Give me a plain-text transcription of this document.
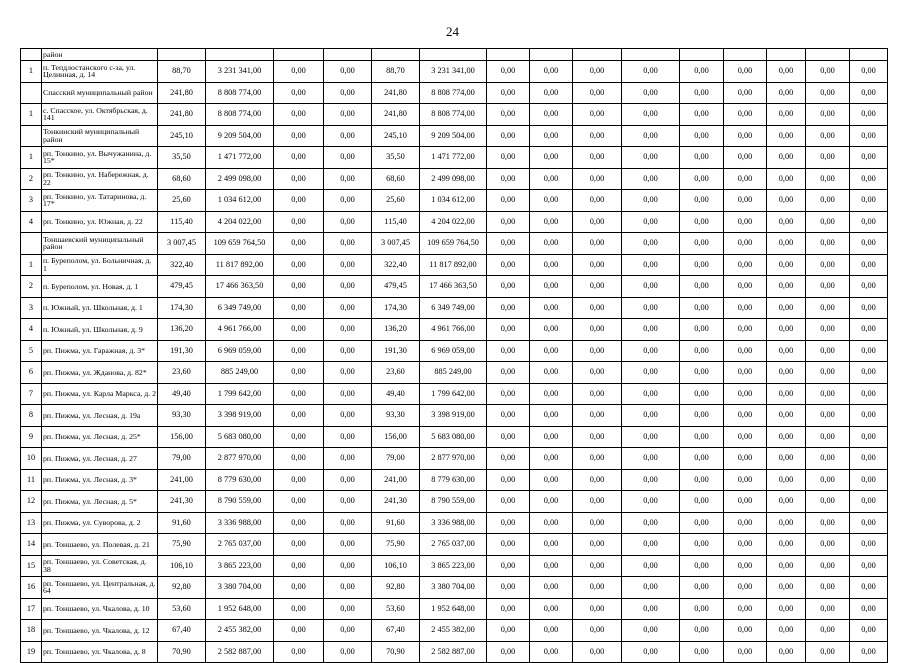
24
	район															
1	п. Тепдлостанского с-за, ул. Целинная, д. 14	88,70	3 231 341,00	0,00	0,00	88,70	3 231 341,00	0,00	0,00	0,00	0,00	0,00	0,00	0,00	0,00	0,00
	Спасский муниципальный район	241,80	8 808 774,00	0,00	0,00	241,80	8 808 774,00	0,00	0,00	0,00	0,00	0,00	0,00	0,00	0,00	0,00
1	с. Спасское, ул. Октябрьская, д. 141	241,80	8 808 774,00	0,00	0,00	241,80	8 808 774,00	0,00	0,00	0,00	0,00	0,00	0,00	0,00	0,00	0,00
	Тонкинский муниципальный район	245,10	9 209 504,00	0,00	0,00	245,10	9 209 504,00	0,00	0,00	0,00	0,00	0,00	0,00	0,00	0,00	0,00
1	рп. Тонкино, ул. Вычужанина, д. 15*	35,50	1 471 772,00	0,00	0,00	35,50	1 471 772,00	0,00	0,00	0,00	0,00	0,00	0,00	0,00	0,00	0,00
2	рп. Тонкино, ул. Набережная, д. 22	68,60	2 499 098,00	0,00	0,00	68,60	2 499 098,00	0,00	0,00	0,00	0,00	0,00	0,00	0,00	0,00	0,00
3	рп. Тонкино, ул. Татаринова, д. 17*	25,60	1 034 612,00	0,00	0,00	25,60	1 034 612,00	0,00	0,00	0,00	0,00	0,00	0,00	0,00	0,00	0,00
4	рп. Тонкино, ул. Южная, д. 22	115,40	4 204 022,00	0,00	0,00	115,40	4 204 022,00	0,00	0,00	0,00	0,00	0,00	0,00	0,00	0,00	0,00
	Тоншаевский муниципальный район	3 007,45	109 659 764,50	0,00	0,00	3 007,45	109 659 764,50	0,00	0,00	0,00	0,00	0,00	0,00	0,00	0,00	0,00
1	п. Буреполом, ул. Больничная, д. 1	322,40	11 817 892,00	0,00	0,00	322,40	11 817 892,00	0,00	0,00	0,00	0,00	0,00	0,00	0,00	0,00	0,00
2	п. Буреполом, ул. Новая, д. 1	479,45	17 466 363,50	0,00	0,00	479,45	17 466 363,50	0,00	0,00	0,00	0,00	0,00	0,00	0,00	0,00	0,00
3	п. Южный, ул. Школьная, д. 1	174,30	6 349 749,00	0,00	0,00	174,30	6 349 749,00	0,00	0,00	0,00	0,00	0,00	0,00	0,00	0,00	0,00
4	п. Южный, ул. Школьная, д. 9	136,20	4 961 766,00	0,00	0,00	136,20	4 961 766,00	0,00	0,00	0,00	0,00	0,00	0,00	0,00	0,00	0,00
5	рп. Пижма, ул. Гаражная, д. 3*	191,30	6 969 059,00	0,00	0,00	191,30	6 969 059,00	0,00	0,00	0,00	0,00	0,00	0,00	0,00	0,00	0,00
6	рп. Пижма, ул. Жданова, д. 82*	23,60	885 249,00	0,00	0,00	23,60	885 249,00	0,00	0,00	0,00	0,00	0,00	0,00	0,00	0,00	0,00
7	рп. Пижма, ул. Карла Маркса, д. 2	49,40	1 799 642,00	0,00	0,00	49,40	1 799 642,00	0,00	0,00	0,00	0,00	0,00	0,00	0,00	0,00	0,00
8	рп. Пижма, ул. Лесная, д. 19а	93,30	3 398 919,00	0,00	0,00	93,30	3 398 919,00	0,00	0,00	0,00	0,00	0,00	0,00	0,00	0,00	0,00
9	рп. Пижма, ул. Лесная, д. 25*	156,00	5 683 080,00	0,00	0,00	156,00	5 683 080,00	0,00	0,00	0,00	0,00	0,00	0,00	0,00	0,00	0,00
10	рп. Пижма, ул. Лесная, д. 27	79,00	2 877 970,00	0,00	0,00	79,00	2 877 970,00	0,00	0,00	0,00	0,00	0,00	0,00	0,00	0,00	0,00
11	рп. Пижма, ул. Лесная, д. 3*	241,00	8 779 630,00	0,00	0,00	241,00	8 779 630,00	0,00	0,00	0,00	0,00	0,00	0,00	0,00	0,00	0,00
12	рп. Пижма, ул. Лесная, д. 5*	241,30	8 790 559,00	0,00	0,00	241,30	8 790 559,00	0,00	0,00	0,00	0,00	0,00	0,00	0,00	0,00	0,00
13	рп. Пижма, ул. Суворова, д. 2	91,60	3 336 988,00	0,00	0,00	91,60	3 336 988,00	0,00	0,00	0,00	0,00	0,00	0,00	0,00	0,00	0,00
14	рп. Тоншаево, ул. Полевая, д. 21	75,90	2 765 037,00	0,00	0,00	75,90	2 765 037,00	0,00	0,00	0,00	0,00	0,00	0,00	0,00	0,00	0,00
15	рп. Тоншаево, ул. Советская, д. 38	106,10	3 865 223,00	0,00	0,00	106,10	3 865 223,00	0,00	0,00	0,00	0,00	0,00	0,00	0,00	0,00	0,00
16	рп. Тоншаево, ул. Центральная, д. 64	92,80	3 380 704,00	0,00	0,00	92,80	3 380 704,00	0,00	0,00	0,00	0,00	0,00	0,00	0,00	0,00	0,00
17	рп. Тоншаево, ул. Чкалова, д. 10	53,60	1 952 648,00	0,00	0,00	53,60	1 952 648,00	0,00	0,00	0,00	0,00	0,00	0,00	0,00	0,00	0,00
18	рп. Тоншаево, ул. Чкалова, д. 12	67,40	2 455 382,00	0,00	0,00	67,40	2 455 382,00	0,00	0,00	0,00	0,00	0,00	0,00	0,00	0,00	0,00
19	рп. Тоншаево, ул. Чкалова, д. 8	70,90	2 582 887,00	0,00	0,00	70,90	2 582 887,00	0,00	0,00	0,00	0,00	0,00	0,00	0,00	0,00	0,00
